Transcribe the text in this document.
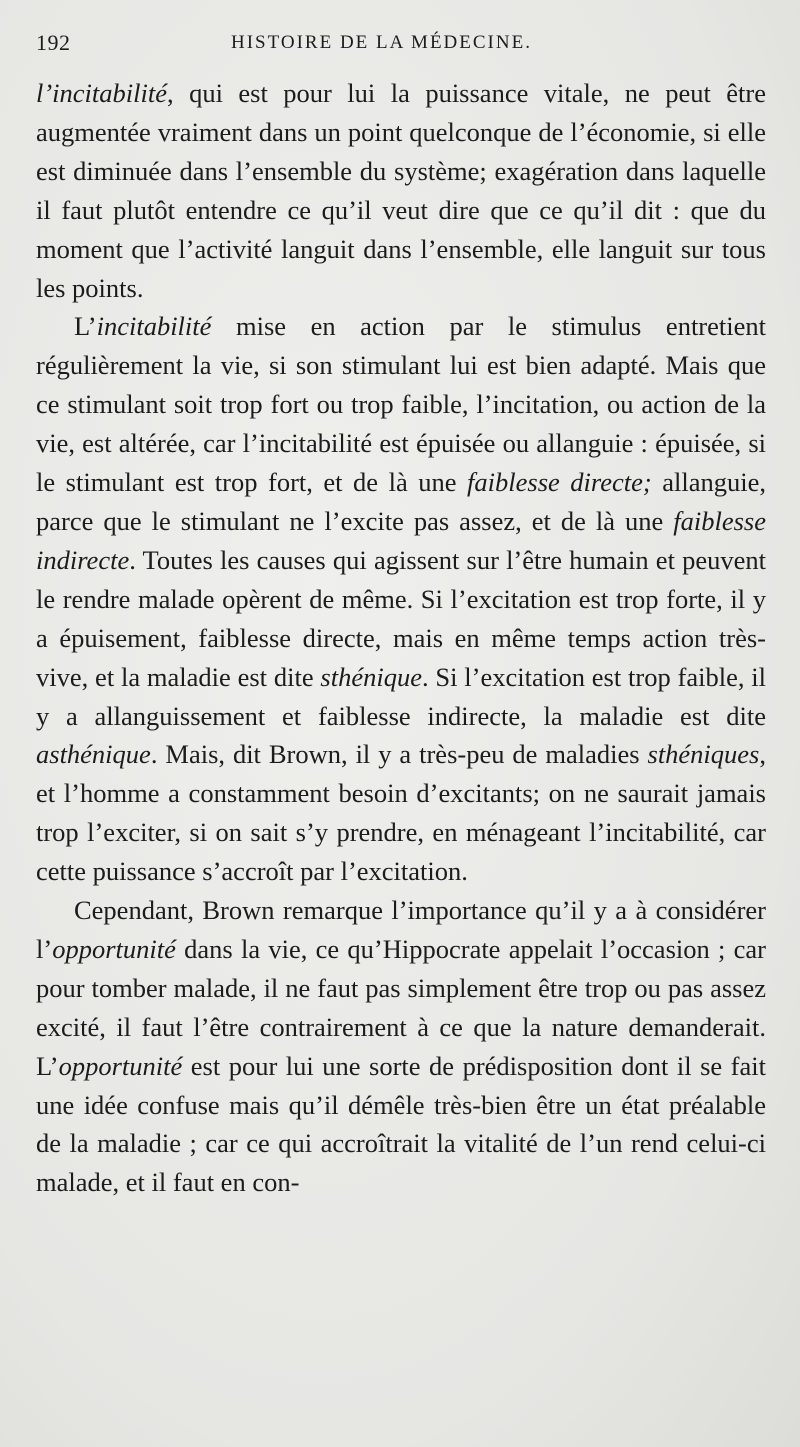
192	HISTOIRE DE LA MÉDECINE.

l’incitabilité, qui est pour lui la puissance vitale, ne peut être augmentée vraiment dans un point quelconque de l’économie, si elle est diminuée dans l’ensemble du système; exagération dans laquelle il faut plutôt entendre ce qu’il veut dire que ce qu’il dit : que du moment que l’activité languit dans l’ensemble, elle languit sur tous les points.

L’incitabilité mise en action par le stimulus entretient régulièrement la vie, si son stimulant lui est bien adapté. Mais que ce stimulant soit trop fort ou trop faible, l’incitation, ou action de la vie, est altérée, car l’incitabilité est épuisée ou allanguie : épuisée, si le stimulant est trop fort, et de là une faiblesse directe; allanguie, parce que le stimulant ne l’excite pas assez, et de là une faiblesse indirecte. Toutes les causes qui agissent sur l’être humain et peuvent le rendre malade opèrent de même. Si l’excitation est trop forte, il y a épuisement, faiblesse directe, mais en même temps action très-vive, et la maladie est dite sthénique. Si l’excitation est trop faible, il y a allanguissement et faiblesse indirecte, la maladie est dite asthénique. Mais, dit Brown, il y a très-peu de maladies sthéniques, et l’homme a constamment besoin d’excitants; on ne saurait jamais trop l’exciter, si on sait s’y prendre, en ménageant l’incitabilité, car cette puissance s’accroît par l’excitation.

Cependant, Brown remarque l’importance qu’il y a à considérer l’opportunité dans la vie, ce qu’Hippocrate appelait l’occasion ; car pour tomber malade, il ne faut pas simplement être trop ou pas assez excité, il faut l’être contrairement à ce que la nature demanderait. L’opportunité est pour lui une sorte de prédisposition dont il se fait une idée confuse mais qu’il démêle très-bien être un état préalable de la maladie ; car ce qui accroîtrait la vitalité de l’un rend celui-ci malade, et il faut en con-
